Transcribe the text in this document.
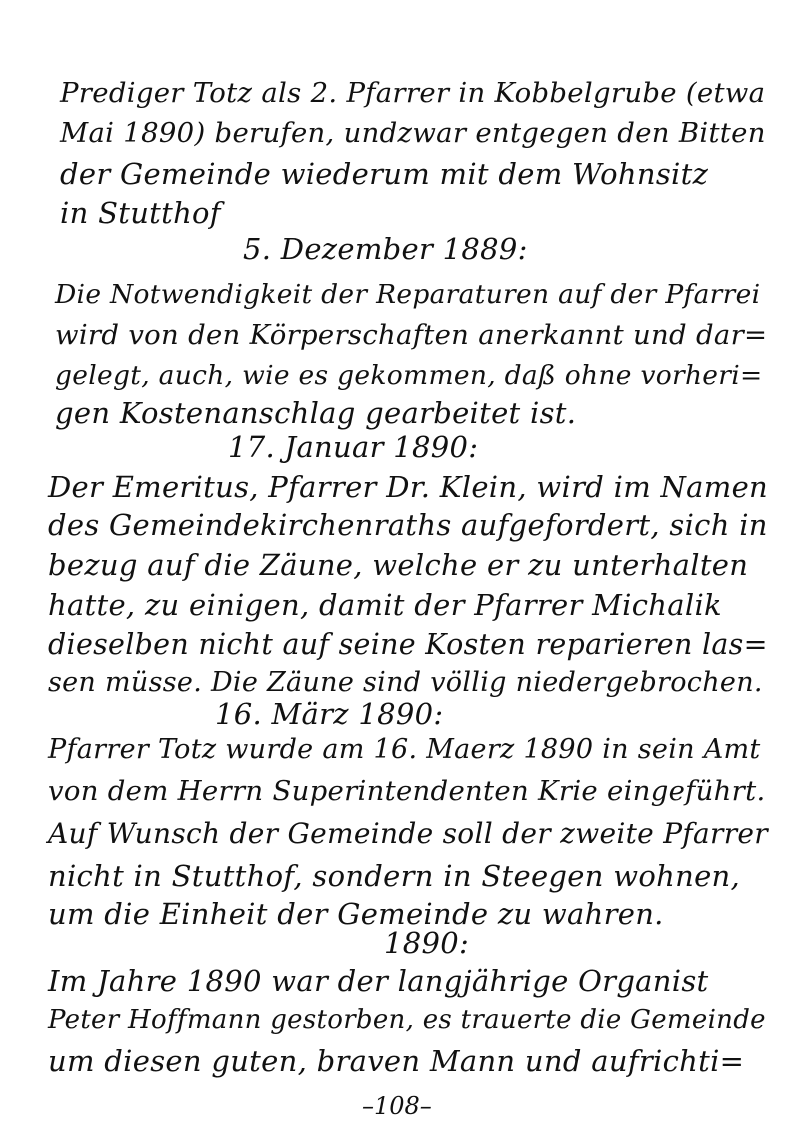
Prediger Totz als 2. Pfarrer in Kobbelgrube (etwa
Mai 1890) berufen, undzwar entgegen den Bitten
der Gemeinde wiederum mit dem Wohnsitz
in Stutthof
5. Dezember 1889:
Die Notwendigkeit der Reparaturen auf der Pfarrei
wird von den Körperschaften anerkannt und dar=
gelegt, auch, wie es gekommen, daß ohne vorheri=
gen Kostenanschlag gearbeitet ist.
17. Januar 1890:
Der Emeritus, Pfarrer Dr. Klein, wird im Namen
des Gemeindekirchenraths aufgefordert, sich in
bezug auf die Zäune, welche er zu unterhalten
hatte, zu einigen, damit der Pfarrer Michalik
dieselben nicht auf seine Kosten reparieren las=
sen müsse. Die Zäune sind völlig niedergebrochen.
16. März 1890:
Pfarrer Totz wurde am 16. Maerz 1890 in sein Amt
von dem Herrn Superintendenten Krie eingeführt.
Auf Wunsch der Gemeinde soll der zweite Pfarrer
nicht in Stutthof, sondern in Steegen wohnen,
um die Einheit der Gemeinde zu wahren.
1890:
Im Jahre 1890 war der langjährige Organist
Peter Hoffmann gestorben, es trauerte die Gemeinde
um diesen guten, braven Mann und aufrichti=
–108–
